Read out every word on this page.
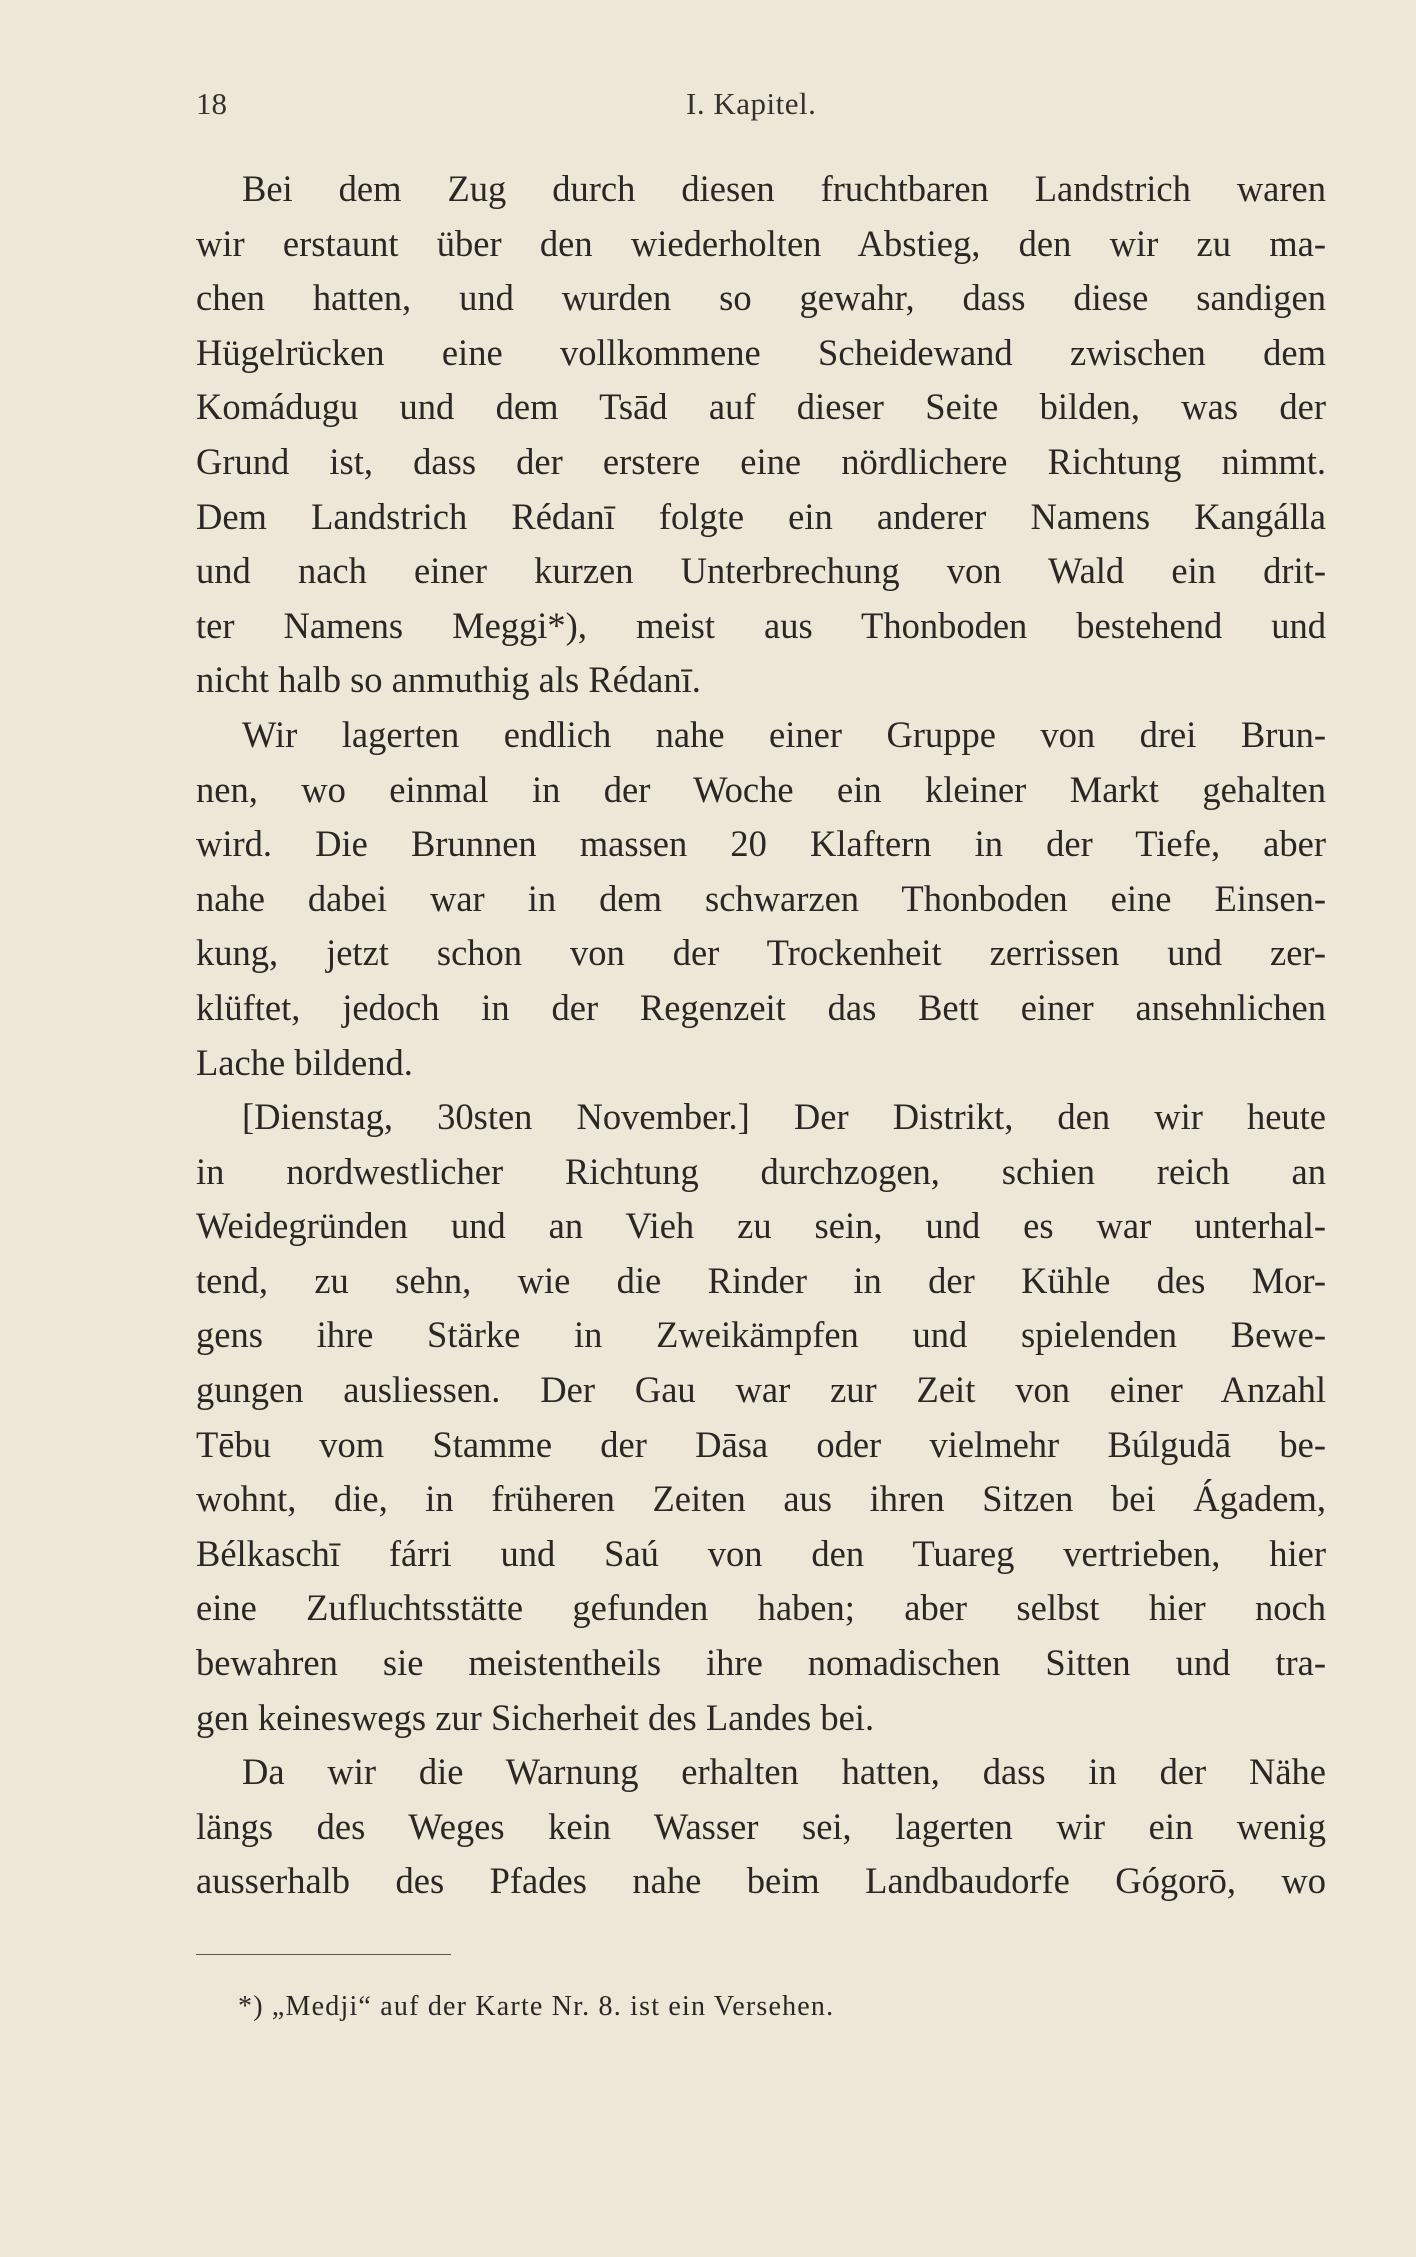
18	I. Kapitel.
Bei dem Zug durch diesen fruchtbaren Landstrich waren
wir erstaunt über den wiederholten Abstieg, den wir zu ma-
chen hatten, und wurden so gewahr, dass diese sandigen
Hügelrücken eine vollkommene Scheidewand zwischen dem
Komádugu und dem Tsād auf dieser Seite bilden, was der
Grund ist, dass der erstere eine nördlichere Richtung nimmt.
Dem Landstrich Rédanī folgte ein anderer Namens Kangálla
und nach einer kurzen Unterbrechung von Wald ein drit-
ter Namens Meggi*), meist aus Thonboden bestehend und
nicht halb so anmuthig als Rédanī.
Wir lagerten endlich nahe einer Gruppe von drei Brun-
nen, wo einmal in der Woche ein kleiner Markt gehalten
wird. Die Brunnen massen 20 Klaftern in der Tiefe, aber
nahe dabei war in dem schwarzen Thonboden eine Einsen-
kung, jetzt schon von der Trockenheit zerrissen und zer-
klüftet, jedoch in der Regenzeit das Bett einer ansehnlichen
Lache bildend.
[Dienstag, 30sten November.] Der Distrikt, den wir heute
in nordwestlicher Richtung durchzogen, schien reich an
Weidegründen und an Vieh zu sein, und es war unterhal-
tend, zu sehn, wie die Rinder in der Kühle des Mor-
gens ihre Stärke in Zweikämpfen und spielenden Bewe-
gungen ausliessen. Der Gau war zur Zeit von einer Anzahl
Tēbu vom Stamme der Dāsa oder vielmehr Búlgudā be-
wohnt, die, in früheren Zeiten aus ihren Sitzen bei Ágadem,
Bélkaschī fárri und Saú von den Tuareg vertrieben, hier
eine Zufluchtsstätte gefunden haben; aber selbst hier noch
bewahren sie meistentheils ihre nomadischen Sitten und tra-
gen keineswegs zur Sicherheit des Landes bei.
Da wir die Warnung erhalten hatten, dass in der Nähe
längs des Weges kein Wasser sei, lagerten wir ein wenig
ausserhalb des Pfades nahe beim Landbaudorfe Gógorō, wo
*) „Medji“ auf der Karte Nr. 8. ist ein Versehen.
